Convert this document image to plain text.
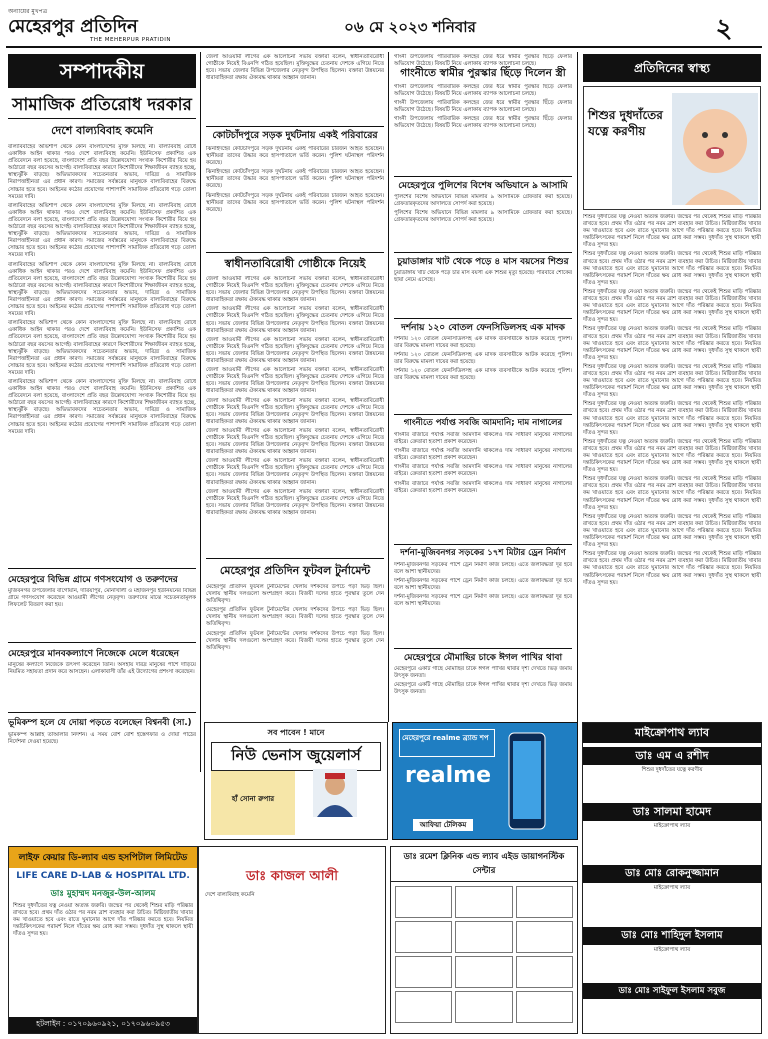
অন্যায়ের মুখপত্র
মেহেরপুর প্রতিদিন
THE MEHERPUR PRATIDIN
০৬ মে ২০২৩ শনিবার	২
সম্পাদকীয়
সামাজিক প্রতিরোধ দরকার
দেশে বাল্যবিবাহ কমেনি

বাল্যবিবাহের অভিশাপ থেকে কোন বাংলাদেশের মুক্তি মিলছে না। বাল্যবিবাহ রোধে একাধিক আইন থাকার পরও দেশে বাল্যবিবাহ কমেনি। ইউনিসেফ প্রকাশিত এক প্রতিবেদনে বলা হয়েছে, বাংলাদেশে প্রতি বছর উল্লেখযোগ্য সংখ্যক কিশোরীর বিয়ে হয় আঠারো বছর বয়সের আগেই। বাল্যবিবাহের কারণে কিশোরীদের শিক্ষাজীবন ব্যাহত হচ্ছে, স্বাস্থ্যঝুঁকি বাড়ছে। অভিভাবকদের সচেতনতার অভাব, দারিদ্র্য ও সামাজিক নিরাপত্তাহীনতা এর প্রধান কারণ। সমাজের সর্বস্তরের মানুষকে বাল্যবিবাহের বিরুদ্ধে সোচ্চার হতে হবে। আইনের কঠোর প্রয়োগের পাশাপাশি সামাজিক প্রতিরোধ গড়ে তোলা সময়ের দাবি।

বাল্যবিবাহের অভিশাপ থেকে কোন বাংলাদেশের মুক্তি মিলছে না। বাল্যবিবাহ রোধে একাধিক আইন থাকার পরও দেশে বাল্যবিবাহ কমেনি। ইউনিসেফ প্রকাশিত এক প্রতিবেদনে বলা হয়েছে, বাংলাদেশে প্রতি বছর উল্লেখযোগ্য সংখ্যক কিশোরীর বিয়ে হয় আঠারো বছর বয়সের আগেই। বাল্যবিবাহের কারণে কিশোরীদের শিক্ষাজীবন ব্যাহত হচ্ছে, স্বাস্থ্যঝুঁকি বাড়ছে। অভিভাবকদের সচেতনতার অভাব, দারিদ্র্য ও সামাজিক নিরাপত্তাহীনতা এর প্রধান কারণ। সমাজের সর্বস্তরের মানুষকে বাল্যবিবাহের বিরুদ্ধে সোচ্চার হতে হবে। আইনের কঠোর প্রয়োগের পাশাপাশি সামাজিক প্রতিরোধ গড়ে তোলা সময়ের দাবি।

বাল্যবিবাহের অভিশাপ থেকে কোন বাংলাদেশের মুক্তি মিলছে না। বাল্যবিবাহ রোধে একাধিক আইন থাকার পরও দেশে বাল্যবিবাহ কমেনি। ইউনিসেফ প্রকাশিত এক প্রতিবেদনে বলা হয়েছে, বাংলাদেশে প্রতি বছর উল্লেখযোগ্য সংখ্যক কিশোরীর বিয়ে হয় আঠারো বছর বয়সের আগেই। বাল্যবিবাহের কারণে কিশোরীদের শিক্ষাজীবন ব্যাহত হচ্ছে, স্বাস্থ্যঝুঁকি বাড়ছে। অভিভাবকদের সচেতনতার অভাব, দারিদ্র্য ও সামাজিক নিরাপত্তাহীনতা এর প্রধান কারণ। সমাজের সর্বস্তরের মানুষকে বাল্যবিবাহের বিরুদ্ধে সোচ্চার হতে হবে। আইনের কঠোর প্রয়োগের পাশাপাশি সামাজিক প্রতিরোধ গড়ে তোলা সময়ের দাবি।

বাল্যবিবাহের অভিশাপ থেকে কোন বাংলাদেশের মুক্তি মিলছে না। বাল্যবিবাহ রোধে একাধিক আইন থাকার পরও দেশে বাল্যবিবাহ কমেনি। ইউনিসেফ প্রকাশিত এক প্রতিবেদনে বলা হয়েছে, বাংলাদেশে প্রতি বছর উল্লেখযোগ্য সংখ্যক কিশোরীর বিয়ে হয় আঠারো বছর বয়সের আগেই। বাল্যবিবাহের কারণে কিশোরীদের শিক্ষাজীবন ব্যাহত হচ্ছে, স্বাস্থ্যঝুঁকি বাড়ছে। অভিভাবকদের সচেতনতার অভাব, দারিদ্র্য ও সামাজিক নিরাপত্তাহীনতা এর প্রধান কারণ। সমাজের সর্বস্তরের মানুষকে বাল্যবিবাহের বিরুদ্ধে সোচ্চার হতে হবে। আইনের কঠোর প্রয়োগের পাশাপাশি সামাজিক প্রতিরোধ গড়ে তোলা সময়ের দাবি।

বাল্যবিবাহের অভিশাপ থেকে কোন বাংলাদেশের মুক্তি মিলছে না। বাল্যবিবাহ রোধে একাধিক আইন থাকার পরও দেশে বাল্যবিবাহ কমেনি। ইউনিসেফ প্রকাশিত এক প্রতিবেদনে বলা হয়েছে, বাংলাদেশে প্রতি বছর উল্লেখযোগ্য সংখ্যক কিশোরীর বিয়ে হয় আঠারো বছর বয়সের আগেই। বাল্যবিবাহের কারণে কিশোরীদের শিক্ষাজীবন ব্যাহত হচ্ছে, স্বাস্থ্যঝুঁকি বাড়ছে। অভিভাবকদের সচেতনতার অভাব, দারিদ্র্য ও সামাজিক নিরাপত্তাহীনতা এর প্রধান কারণ। সমাজের সর্বস্তরের মানুষকে বাল্যবিবাহের বিরুদ্ধে সোচ্চার হতে হবে। আইনের কঠোর প্রয়োগের পাশাপাশি সামাজিক প্রতিরোধ গড়ে তোলা সময়ের দাবি।

মেহেরপুরে বিভিন্ন গ্রামে গণসংযোগ ও তরুণদের
মুজিবনগর উপজেলার বাগোয়ান, দারিয়াপুর, মোনাখালী ও মহাজনপুর ইউনিয়নের বিভিন্ন গ্রামে গণসংযোগ করেছেন আওয়ামী লীগের নেতৃবৃন্দ। তরুণদের মাঝে সচেতনতামূলক লিফলেট বিতরণ করা হয়।
মেহেরপুরে মানবকল্যাণে নিজেকে মেলে ধরেছেন
মানুষের কল্যাণে নিজেকে উৎসর্গ করেছেন তিনি। অসহায় দরিদ্র মানুষের পাশে দাঁড়িয়ে নিয়মিত সহায়তা প্রদান করে আসছেন। এলাকাবাসী তাঁর এই উদ্যোগের প্রশংসা করেছেন।
ভূমিকম্প হলে যে দোয়া পড়তে বলেছেন বিশ্বনবী (সা.)
ভূমিকম্প আল্লাহ তাআলার নিদর্শন। এ সময় বেশি বেশি ইস্তেগফার ও দোয়া পাঠের নির্দেশনা দেওয়া হয়েছে।
জেলা আওয়ামী লীগের এক আলোচনা সভায় বক্তারা বলেন, স্বাধীনতাবিরোধী গোষ্ঠীকে নিয়েই বিএনপি গঠিত হয়েছিল। মুক্তিযুদ্ধের চেতনায় দেশকে এগিয়ে নিতে হবে। সভায় জেলার বিভিন্ন উপজেলার নেতৃবৃন্দ উপস্থিত ছিলেন। বক্তারা উন্নয়নের ধারাবাহিকতা রক্ষায় ঐক্যবদ্ধ থাকার আহ্বান জানান।
কোটচাঁদপুরে সড়ক দুর্ঘটনায় একই পরিবারের

ঝিনাইদহের কোটচাঁদপুরে সড়ক দুর্ঘটনায় একই পরিবারের চারজন আহত হয়েছেন। স্থানীয়রা তাদের উদ্ধার করে হাসপাতালে ভর্তি করেন। পুলিশ ঘটনাস্থল পরিদর্শন করেছে।

ঝিনাইদহের কোটচাঁদপুরে সড়ক দুর্ঘটনায় একই পরিবারের চারজন আহত হয়েছেন। স্থানীয়রা তাদের উদ্ধার করে হাসপাতালে ভর্তি করেন। পুলিশ ঘটনাস্থল পরিদর্শন করেছে।

ঝিনাইদহের কোটচাঁদপুরে সড়ক দুর্ঘটনায় একই পরিবারের চারজন আহত হয়েছেন। স্থানীয়রা তাদের উদ্ধার করে হাসপাতালে ভর্তি করেন। পুলিশ ঘটনাস্থল পরিদর্শন করেছে।

স্বাধীনতাবিরোধী গোষ্ঠীকে নিয়েই

জেলা আওয়ামী লীগের এক আলোচনা সভায় বক্তারা বলেন, স্বাধীনতাবিরোধী গোষ্ঠীকে নিয়েই বিএনপি গঠিত হয়েছিল। মুক্তিযুদ্ধের চেতনায় দেশকে এগিয়ে নিতে হবে। সভায় জেলার বিভিন্ন উপজেলার নেতৃবৃন্দ উপস্থিত ছিলেন। বক্তারা উন্নয়নের ধারাবাহিকতা রক্ষায় ঐক্যবদ্ধ থাকার আহ্বান জানান।

জেলা আওয়ামী লীগের এক আলোচনা সভায় বক্তারা বলেন, স্বাধীনতাবিরোধী গোষ্ঠীকে নিয়েই বিএনপি গঠিত হয়েছিল। মুক্তিযুদ্ধের চেতনায় দেশকে এগিয়ে নিতে হবে। সভায় জেলার বিভিন্ন উপজেলার নেতৃবৃন্দ উপস্থিত ছিলেন। বক্তারা উন্নয়নের ধারাবাহিকতা রক্ষায় ঐক্যবদ্ধ থাকার আহ্বান জানান।

জেলা আওয়ামী লীগের এক আলোচনা সভায় বক্তারা বলেন, স্বাধীনতাবিরোধী গোষ্ঠীকে নিয়েই বিএনপি গঠিত হয়েছিল। মুক্তিযুদ্ধের চেতনায় দেশকে এগিয়ে নিতে হবে। সভায় জেলার বিভিন্ন উপজেলার নেতৃবৃন্দ উপস্থিত ছিলেন। বক্তারা উন্নয়নের ধারাবাহিকতা রক্ষায় ঐক্যবদ্ধ থাকার আহ্বান জানান।

জেলা আওয়ামী লীগের এক আলোচনা সভায় বক্তারা বলেন, স্বাধীনতাবিরোধী গোষ্ঠীকে নিয়েই বিএনপি গঠিত হয়েছিল। মুক্তিযুদ্ধের চেতনায় দেশকে এগিয়ে নিতে হবে। সভায় জেলার বিভিন্ন উপজেলার নেতৃবৃন্দ উপস্থিত ছিলেন। বক্তারা উন্নয়নের ধারাবাহিকতা রক্ষায় ঐক্যবদ্ধ থাকার আহ্বান জানান।

জেলা আওয়ামী লীগের এক আলোচনা সভায় বক্তারা বলেন, স্বাধীনতাবিরোধী গোষ্ঠীকে নিয়েই বিএনপি গঠিত হয়েছিল। মুক্তিযুদ্ধের চেতনায় দেশকে এগিয়ে নিতে হবে। সভায় জেলার বিভিন্ন উপজেলার নেতৃবৃন্দ উপস্থিত ছিলেন। বক্তারা উন্নয়নের ধারাবাহিকতা রক্ষায় ঐক্যবদ্ধ থাকার আহ্বান জানান।

জেলা আওয়ামী লীগের এক আলোচনা সভায় বক্তারা বলেন, স্বাধীনতাবিরোধী গোষ্ঠীকে নিয়েই বিএনপি গঠিত হয়েছিল। মুক্তিযুদ্ধের চেতনায় দেশকে এগিয়ে নিতে হবে। সভায় জেলার বিভিন্ন উপজেলার নেতৃবৃন্দ উপস্থিত ছিলেন। বক্তারা উন্নয়নের ধারাবাহিকতা রক্ষায় ঐক্যবদ্ধ থাকার আহ্বান জানান।

জেলা আওয়ামী লীগের এক আলোচনা সভায় বক্তারা বলেন, স্বাধীনতাবিরোধী গোষ্ঠীকে নিয়েই বিএনপি গঠিত হয়েছিল। মুক্তিযুদ্ধের চেতনায় দেশকে এগিয়ে নিতে হবে। সভায় জেলার বিভিন্ন উপজেলার নেতৃবৃন্দ উপস্থিত ছিলেন। বক্তারা উন্নয়নের ধারাবাহিকতা রক্ষায় ঐক্যবদ্ধ থাকার আহ্বান জানান।

জেলা আওয়ামী লীগের এক আলোচনা সভায় বক্তারা বলেন, স্বাধীনতাবিরোধী গোষ্ঠীকে নিয়েই বিএনপি গঠিত হয়েছিল। মুক্তিযুদ্ধের চেতনায় দেশকে এগিয়ে নিতে হবে। সভায় জেলার বিভিন্ন উপজেলার নেতৃবৃন্দ উপস্থিত ছিলেন। বক্তারা উন্নয়নের ধারাবাহিকতা রক্ষায় ঐক্যবদ্ধ থাকার আহ্বান জানান।

মেহেরপুর প্রতিদিন ফুটবল টুর্নামেন্ট

মেহেরপুর প্রতিদিন ফুটবল টুর্নামেন্টের খেলায় দর্শকদের উপচে পড়া ভিড় ছিল। খেলায় স্থানীয় দলগুলো অংশগ্রহণ করে। বিজয়ী দলের হাতে পুরস্কার তুলে দেন অতিথিবৃন্দ।

মেহেরপুর প্রতিদিন ফুটবল টুর্নামেন্টের খেলায় দর্শকদের উপচে পড়া ভিড় ছিল। খেলায় স্থানীয় দলগুলো অংশগ্রহণ করে। বিজয়ী দলের হাতে পুরস্কার তুলে দেন অতিথিবৃন্দ।

মেহেরপুর প্রতিদিন ফুটবল টুর্নামেন্টের খেলায় দর্শকদের উপচে পড়া ভিড় ছিল। খেলায় স্থানীয় দলগুলো অংশগ্রহণ করে। বিজয়ী দলের হাতে পুরস্কার তুলে দেন অতিথিবৃন্দ।

গাংনী উপজেলায় পারিবারিক কলহের জের ধরে স্বামীর পুরস্কার ছিঁড়ে ফেলার অভিযোগ উঠেছে। বিষয়টি নিয়ে এলাকায় ব্যাপক আলোচনা চলছে।
গাংনীতে স্বামীর পুরস্কার ছিঁড়ে দিলেন স্ত্রী

গাংনী উপজেলায় পারিবারিক কলহের জের ধরে স্বামীর পুরস্কার ছিঁড়ে ফেলার অভিযোগ উঠেছে। বিষয়টি নিয়ে এলাকায় ব্যাপক আলোচনা চলছে।

গাংনী উপজেলায় পারিবারিক কলহের জের ধরে স্বামীর পুরস্কার ছিঁড়ে ফেলার অভিযোগ উঠেছে। বিষয়টি নিয়ে এলাকায় ব্যাপক আলোচনা চলছে।

গাংনী উপজেলায় পারিবারিক কলহের জের ধরে স্বামীর পুরস্কার ছিঁড়ে ফেলার অভিযোগ উঠেছে। বিষয়টি নিয়ে এলাকায় ব্যাপক আলোচনা চলছে।

মেহেরপুরে পুলিশের বিশেষ অভিযানে ৯ আসামি

পুলিশের বিশেষ অভিযানে বিভিন্ন মামলার ৯ আসামিকে গ্রেফতার করা হয়েছে। গ্রেফতারকৃতদের আদালতে সোপর্দ করা হয়েছে।

পুলিশের বিশেষ অভিযানে বিভিন্ন মামলার ৯ আসামিকে গ্রেফতার করা হয়েছে। গ্রেফতারকৃতদের আদালতে সোপর্দ করা হয়েছে।

চুয়াডাঙ্গার খাট থেকে পড়ে ৪ মাস বয়সের শিশুর
চুয়াডাঙ্গায় খাট থেকে পড়ে চার মাস বয়সী এক শিশুর মৃত্যু হয়েছে। পরিবারে শোকের ছায়া নেমে এসেছে।
দর্শনায় ১২০ বোতল ফেনসিডিলসহ এক মাদক

দর্শনায় ১২০ বোতল ফেনসিডিলসহ এক মাদক ব্যবসায়ীকে আটক করেছে পুলিশ। তার বিরুদ্ধে মামলা দায়ের করা হয়েছে।

দর্শনায় ১২০ বোতল ফেনসিডিলসহ এক মাদক ব্যবসায়ীকে আটক করেছে পুলিশ। তার বিরুদ্ধে মামলা দায়ের করা হয়েছে।

দর্শনায় ১২০ বোতল ফেনসিডিলসহ এক মাদক ব্যবসায়ীকে আটক করেছে পুলিশ। তার বিরুদ্ধে মামলা দায়ের করা হয়েছে।

গাংনীতে পর্যাপ্ত সবজি আমদানি; দাম নাগালের

গাংনীর বাজারে পর্যাপ্ত সবজি আমদানি থাকলেও দাম সাধারণ মানুষের নাগালের বাইরে। ক্রেতারা হতাশা প্রকাশ করেছেন।

গাংনীর বাজারে পর্যাপ্ত সবজি আমদানি থাকলেও দাম সাধারণ মানুষের নাগালের বাইরে। ক্রেতারা হতাশা প্রকাশ করেছেন।

গাংনীর বাজারে পর্যাপ্ত সবজি আমদানি থাকলেও দাম সাধারণ মানুষের নাগালের বাইরে। ক্রেতারা হতাশা প্রকাশ করেছেন।

গাংনীর বাজারে পর্যাপ্ত সবজি আমদানি থাকলেও দাম সাধারণ মানুষের নাগালের বাইরে। ক্রেতারা হতাশা প্রকাশ করেছেন।

দর্শনা-মুজিবনগর সড়কের ১৭শ মিটার ড্রেন নির্মাণ

দর্শনা-মুজিবনগর সড়কের পাশে ড্রেন নির্মাণ কাজ চলছে। এতে জলাবদ্ধতা দূর হবে বলে আশা স্থানীয়দের।

দর্শনা-মুজিবনগর সড়কের পাশে ড্রেন নির্মাণ কাজ চলছে। এতে জলাবদ্ধতা দূর হবে বলে আশা স্থানীয়দের।

দর্শনা-মুজিবনগর সড়কের পাশে ড্রেন নির্মাণ কাজ চলছে। এতে জলাবদ্ধতা দূর হবে বলে আশা স্থানীয়দের।

মেহেরপুরে মৌমাছির চাকে ঈগল পাখির থাবা

মেহেরপুরে একটি গাছে মৌমাছির চাকে ঈগল পাখির থাবার দৃশ্য দেখতে ভিড় জমায় উৎসুক জনতা।

মেহেরপুরে একটি গাছে মৌমাছির চাকে ঈগল পাখির থাবার দৃশ্য দেখতে ভিড় জমায় উৎসুক জনতা।

প্রতিদিনের স্বাস্থ্য
শিশুর দুধদাঁতের যত্নে করণীয়

শিশুর দুধদাঁতের যত্ন নেওয়া অত্যন্ত জরুরি। জন্মের পর থেকেই শিশুর মাড়ি পরিষ্কার রাখতে হবে। প্রথম দাঁত ওঠার পর নরম ব্রাশ ব্যবহার করা উচিত। মিষ্টিজাতীয় খাবার কম খাওয়াতে হবে এবং রাতে ঘুমানোর আগে দাঁত পরিষ্কার করতে হবে। নিয়মিত দন্তচিকিৎসকের পরামর্শ নিলে দাঁতের ক্ষয় রোধ করা সম্ভব। দুধদাঁত সুস্থ থাকলে স্থায়ী দাঁতও সুন্দর হয়।

শিশুর দুধদাঁতের যত্ন নেওয়া অত্যন্ত জরুরি। জন্মের পর থেকেই শিশুর মাড়ি পরিষ্কার রাখতে হবে। প্রথম দাঁত ওঠার পর নরম ব্রাশ ব্যবহার করা উচিত। মিষ্টিজাতীয় খাবার কম খাওয়াতে হবে এবং রাতে ঘুমানোর আগে দাঁত পরিষ্কার করতে হবে। নিয়মিত দন্তচিকিৎসকের পরামর্শ নিলে দাঁতের ক্ষয় রোধ করা সম্ভব। দুধদাঁত সুস্থ থাকলে স্থায়ী দাঁতও সুন্দর হয়।

শিশুর দুধদাঁতের যত্ন নেওয়া অত্যন্ত জরুরি। জন্মের পর থেকেই শিশুর মাড়ি পরিষ্কার রাখতে হবে। প্রথম দাঁত ওঠার পর নরম ব্রাশ ব্যবহার করা উচিত। মিষ্টিজাতীয় খাবার কম খাওয়াতে হবে এবং রাতে ঘুমানোর আগে দাঁত পরিষ্কার করতে হবে। নিয়মিত দন্তচিকিৎসকের পরামর্শ নিলে দাঁতের ক্ষয় রোধ করা সম্ভব। দুধদাঁত সুস্থ থাকলে স্থায়ী দাঁতও সুন্দর হয়।

শিশুর দুধদাঁতের যত্ন নেওয়া অত্যন্ত জরুরি। জন্মের পর থেকেই শিশুর মাড়ি পরিষ্কার রাখতে হবে। প্রথম দাঁত ওঠার পর নরম ব্রাশ ব্যবহার করা উচিত। মিষ্টিজাতীয় খাবার কম খাওয়াতে হবে এবং রাতে ঘুমানোর আগে দাঁত পরিষ্কার করতে হবে। নিয়মিত দন্তচিকিৎসকের পরামর্শ নিলে দাঁতের ক্ষয় রোধ করা সম্ভব। দুধদাঁত সুস্থ থাকলে স্থায়ী দাঁতও সুন্দর হয়।

শিশুর দুধদাঁতের যত্ন নেওয়া অত্যন্ত জরুরি। জন্মের পর থেকেই শিশুর মাড়ি পরিষ্কার রাখতে হবে। প্রথম দাঁত ওঠার পর নরম ব্রাশ ব্যবহার করা উচিত। মিষ্টিজাতীয় খাবার কম খাওয়াতে হবে এবং রাতে ঘুমানোর আগে দাঁত পরিষ্কার করতে হবে। নিয়মিত দন্তচিকিৎসকের পরামর্শ নিলে দাঁতের ক্ষয় রোধ করা সম্ভব। দুধদাঁত সুস্থ থাকলে স্থায়ী দাঁতও সুন্দর হয়।

শিশুর দুধদাঁতের যত্ন নেওয়া অত্যন্ত জরুরি। জন্মের পর থেকেই শিশুর মাড়ি পরিষ্কার রাখতে হবে। প্রথম দাঁত ওঠার পর নরম ব্রাশ ব্যবহার করা উচিত। মিষ্টিজাতীয় খাবার কম খাওয়াতে হবে এবং রাতে ঘুমানোর আগে দাঁত পরিষ্কার করতে হবে। নিয়মিত দন্তচিকিৎসকের পরামর্শ নিলে দাঁতের ক্ষয় রোধ করা সম্ভব। দুধদাঁত সুস্থ থাকলে স্থায়ী দাঁতও সুন্দর হয়।

শিশুর দুধদাঁতের যত্ন নেওয়া অত্যন্ত জরুরি। জন্মের পর থেকেই শিশুর মাড়ি পরিষ্কার রাখতে হবে। প্রথম দাঁত ওঠার পর নরম ব্রাশ ব্যবহার করা উচিত। মিষ্টিজাতীয় খাবার কম খাওয়াতে হবে এবং রাতে ঘুমানোর আগে দাঁত পরিষ্কার করতে হবে। নিয়মিত দন্তচিকিৎসকের পরামর্শ নিলে দাঁতের ক্ষয় রোধ করা সম্ভব। দুধদাঁত সুস্থ থাকলে স্থায়ী দাঁতও সুন্দর হয়।

শিশুর দুধদাঁতের যত্ন নেওয়া অত্যন্ত জরুরি। জন্মের পর থেকেই শিশুর মাড়ি পরিষ্কার রাখতে হবে। প্রথম দাঁত ওঠার পর নরম ব্রাশ ব্যবহার করা উচিত। মিষ্টিজাতীয় খাবার কম খাওয়াতে হবে এবং রাতে ঘুমানোর আগে দাঁত পরিষ্কার করতে হবে। নিয়মিত দন্তচিকিৎসকের পরামর্শ নিলে দাঁতের ক্ষয় রোধ করা সম্ভব। দুধদাঁত সুস্থ থাকলে স্থায়ী দাঁতও সুন্দর হয়।

শিশুর দুধদাঁতের যত্ন নেওয়া অত্যন্ত জরুরি। জন্মের পর থেকেই শিশুর মাড়ি পরিষ্কার রাখতে হবে। প্রথম দাঁত ওঠার পর নরম ব্রাশ ব্যবহার করা উচিত। মিষ্টিজাতীয় খাবার কম খাওয়াতে হবে এবং রাতে ঘুমানোর আগে দাঁত পরিষ্কার করতে হবে। নিয়মিত দন্তচিকিৎসকের পরামর্শ নিলে দাঁতের ক্ষয় রোধ করা সম্ভব। দুধদাঁত সুস্থ থাকলে স্থায়ী দাঁতও সুন্দর হয়।

শিশুর দুধদাঁতের যত্ন নেওয়া অত্যন্ত জরুরি। জন্মের পর থেকেই শিশুর মাড়ি পরিষ্কার রাখতে হবে। প্রথম দাঁত ওঠার পর নরম ব্রাশ ব্যবহার করা উচিত। মিষ্টিজাতীয় খাবার কম খাওয়াতে হবে এবং রাতে ঘুমানোর আগে দাঁত পরিষ্কার করতে হবে। নিয়মিত দন্তচিকিৎসকের পরামর্শ নিলে দাঁতের ক্ষয় রোধ করা সম্ভব। দুধদাঁত সুস্থ থাকলে স্থায়ী দাঁতও সুন্দর হয়।

সব পাবেন ! মানে
নিউ ভেনাস জুয়েলার্স
হাঁ সোনা রুপার
মেহেরপুরে realme ব্র্যান্ড শপ
realme
আফিয়া টেলিকম
মাইক্রোপাথ ল্যাব
ডাঃ এম এ রশীদ
শিশুর দুধদাঁতের যত্নে করণীয়
ডাঃ সালমা হামেদ
মাইক্রোপাথ ল্যাব
ডাঃ মোঃ রোকনুজ্জামান
মাইক্রোপাথ ল্যাব
ডাঃ মোঃ শাহিদুল ইসলাম
মাইক্রোপাথ ল্যাব
ডাঃ মোঃ সাইফুল ইসলাম সবুজ
লাইফ কেয়ার ডি-ল্যাব এন্ড হসপিটাল লিমিটেড
LIFE CARE D-LAB & HOSPITAL LTD.
ডাঃ মুহাম্মদ মনজুর-উল-আলম
শিশুর দুধদাঁতের যত্ন নেওয়া অত্যন্ত জরুরি। জন্মের পর থেকেই শিশুর মাড়ি পরিষ্কার রাখতে হবে। প্রথম দাঁত ওঠার পর নরম ব্রাশ ব্যবহার করা উচিত। মিষ্টিজাতীয় খাবার কম খাওয়াতে হবে এবং রাতে ঘুমানোর আগে দাঁত পরিষ্কার করতে হবে। নিয়মিত দন্তচিকিৎসকের পরামর্শ নিলে দাঁতের ক্ষয় রোধ করা সম্ভব। দুধদাঁত সুস্থ থাকলে স্থায়ী দাঁতও সুন্দর হয়।
হটলাইন : ০১৭০৯৬০৯২১, ০১৭০৯৬০৯৫৩
ডাঃ কাজল আলী
দেশে বাল্যবিবাহ কমেনি
ডাঃ রমেশ ক্লিনিক এন্ড ল্যাব এইড ডায়াগনস্টিক সেন্টার
